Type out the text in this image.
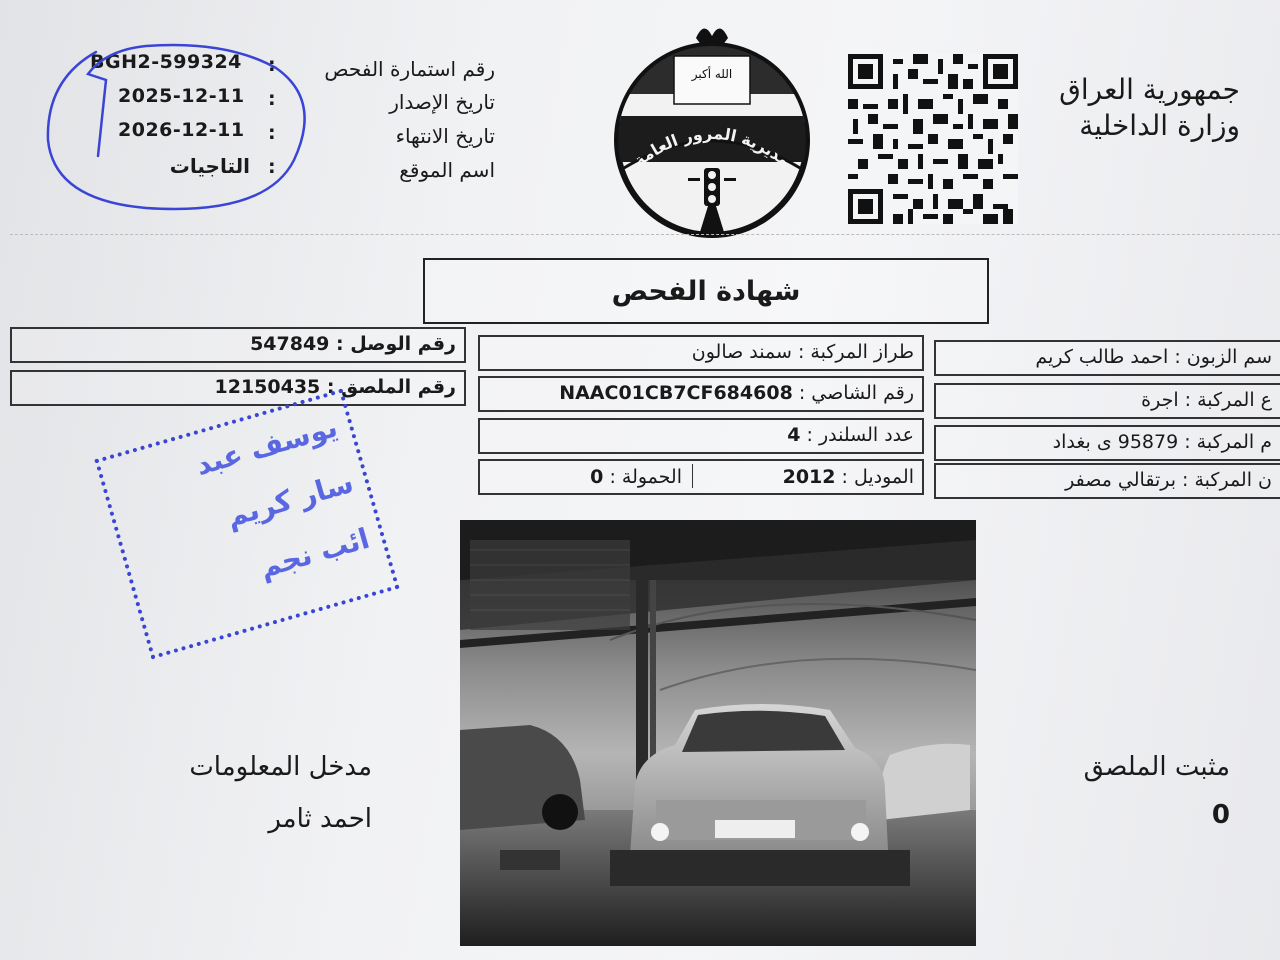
جمهورية العراق
وزارة الداخلية
الله أكبر
مديرية المرور العامة
رقم استمارة الفحص
:
BGH2-599324
تاريخ الإصدار
:
2025-12-11
تاريخ الانتهاء
:
2026-12-11
اسم الموقع
:
التاجيات
شهادة الفحص
رقم الوصل : 547849
رقم الملصق : 12150435
طراز المركبة : سمند صالون
رقم الشاصي : NAAC01CB7CF684608
عدد السلندر : 4
الموديل : 2012
الحمولة : 0
سم الزبون : احمد طالب كريم
ع المركبة : اجرة
م المركبة : 95879 ى بغداد
ن المركبة : برتقالي مصفر
يوسف عبد
سار كريم
ائب نجم
مدخل المعلومات
احمد ثامر
مثبت الملصق
0
